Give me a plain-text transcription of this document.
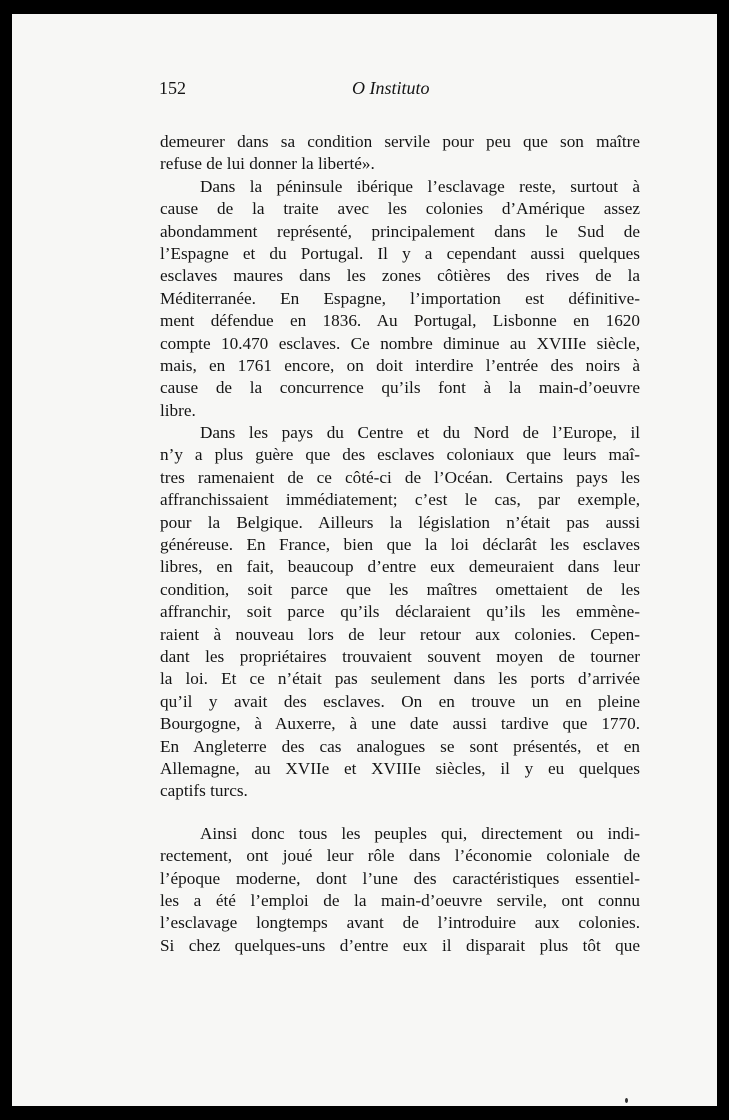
152	O Instituto
demeurer dans sa condition servile pour peu que son maître
refuse de lui donner la liberté».
Dans la péninsule ibérique l’esclavage reste, surtout à
cause de la traite avec les colonies d’Amérique assez
abondamment représenté, principalement dans le Sud de
l’Espagne et du Portugal. Il y a cependant aussi quelques
esclaves maures dans les zones côtières des rives de la
Méditerranée. En Espagne, l’importation est définitive-
ment défendue en 1836. Au Portugal, Lisbonne en 1620
compte 10.470 esclaves. Ce nombre diminue au XVIIIe siècle,
mais, en 1761 encore, on doit interdire l’entrée des noirs à
cause de la concurrence qu’ils font à la main-d’oeuvre
libre.
Dans les pays du Centre et du Nord de l’Europe, il
n’y a plus guère que des esclaves coloniaux que leurs maî-
tres ramenaient de ce côté-ci de l’Océan. Certains pays les
affranchissaient immédiatement; c’est le cas, par exemple,
pour la Belgique. Ailleurs la législation n’était pas aussi
généreuse. En France, bien que la loi déclarât les esclaves
libres, en fait, beaucoup d’entre eux demeuraient dans leur
condition, soit parce que les maîtres omettaient de les
affranchir, soit parce qu’ils déclaraient qu’ils les emmène-
raient à nouveau lors de leur retour aux colonies. Cepen-
dant les propriétaires trouvaient souvent moyen de tourner
la loi. Et ce n’était pas seulement dans les ports d’arrivée
qu’il y avait des esclaves. On en trouve un en pleine
Bourgogne, à Auxerre, à une date aussi tardive que 1770.
En Angleterre des cas analogues se sont présentés, et en
Allemagne, au XVIIe et XVIIIe siècles, il y eu quelques
captifs turcs.
Ainsi donc tous les peuples qui, directement ou indi-
rectement, ont joué leur rôle dans l’économie coloniale de
l’époque moderne, dont l’une des caractéristiques essentiel-
les a été l’emploi de la main-d’oeuvre servile, ont connu
l’esclavage longtemps avant de l’introduire aux colonies.
Si chez quelques-uns d’entre eux il disparait plus tôt que
